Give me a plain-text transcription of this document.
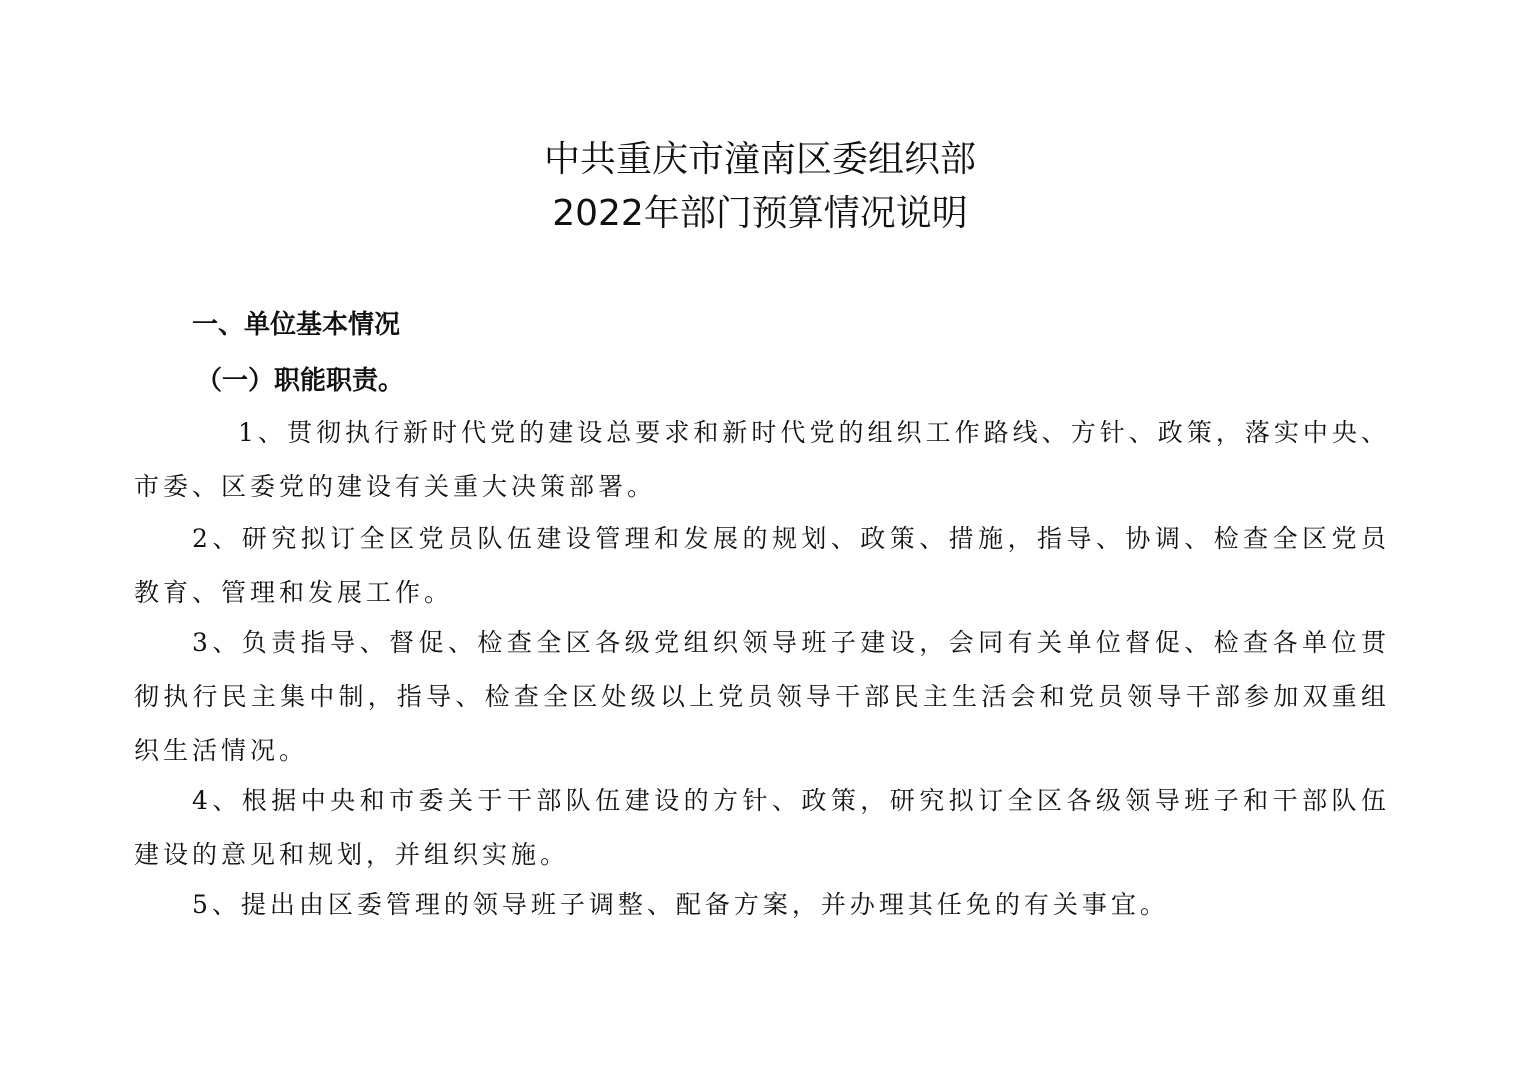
中共重庆市潼南区委组织部
2022年部门预算情况说明
一、单位基本情况
（一）职能职责。

1、贯彻执行新时代党的建设总要求和新时代党的组织工作路线、方针、政策，落实中央、市委、区委党的建设有关重大决策部署。

2、研究拟订全区党员队伍建设管理和发展的规划、政策、措施，指导、协调、检查全区党员教育、管理和发展工作。

3、负责指导、督促、检查全区各级党组织领导班子建设，会同有关单位督促、检查各单位贯彻执行民主集中制，指导、检查全区处级以上党员领导干部民主生活会和党员领导干部参加双重组织生活情况。

4、根据中央和市委关于干部队伍建设的方针、政策，研究拟订全区各级领导班子和干部队伍建设的意见和规划，并组织实施。

5、提出由区委管理的领导班子调整、配备方案，并办理其任免的有关事宜。
